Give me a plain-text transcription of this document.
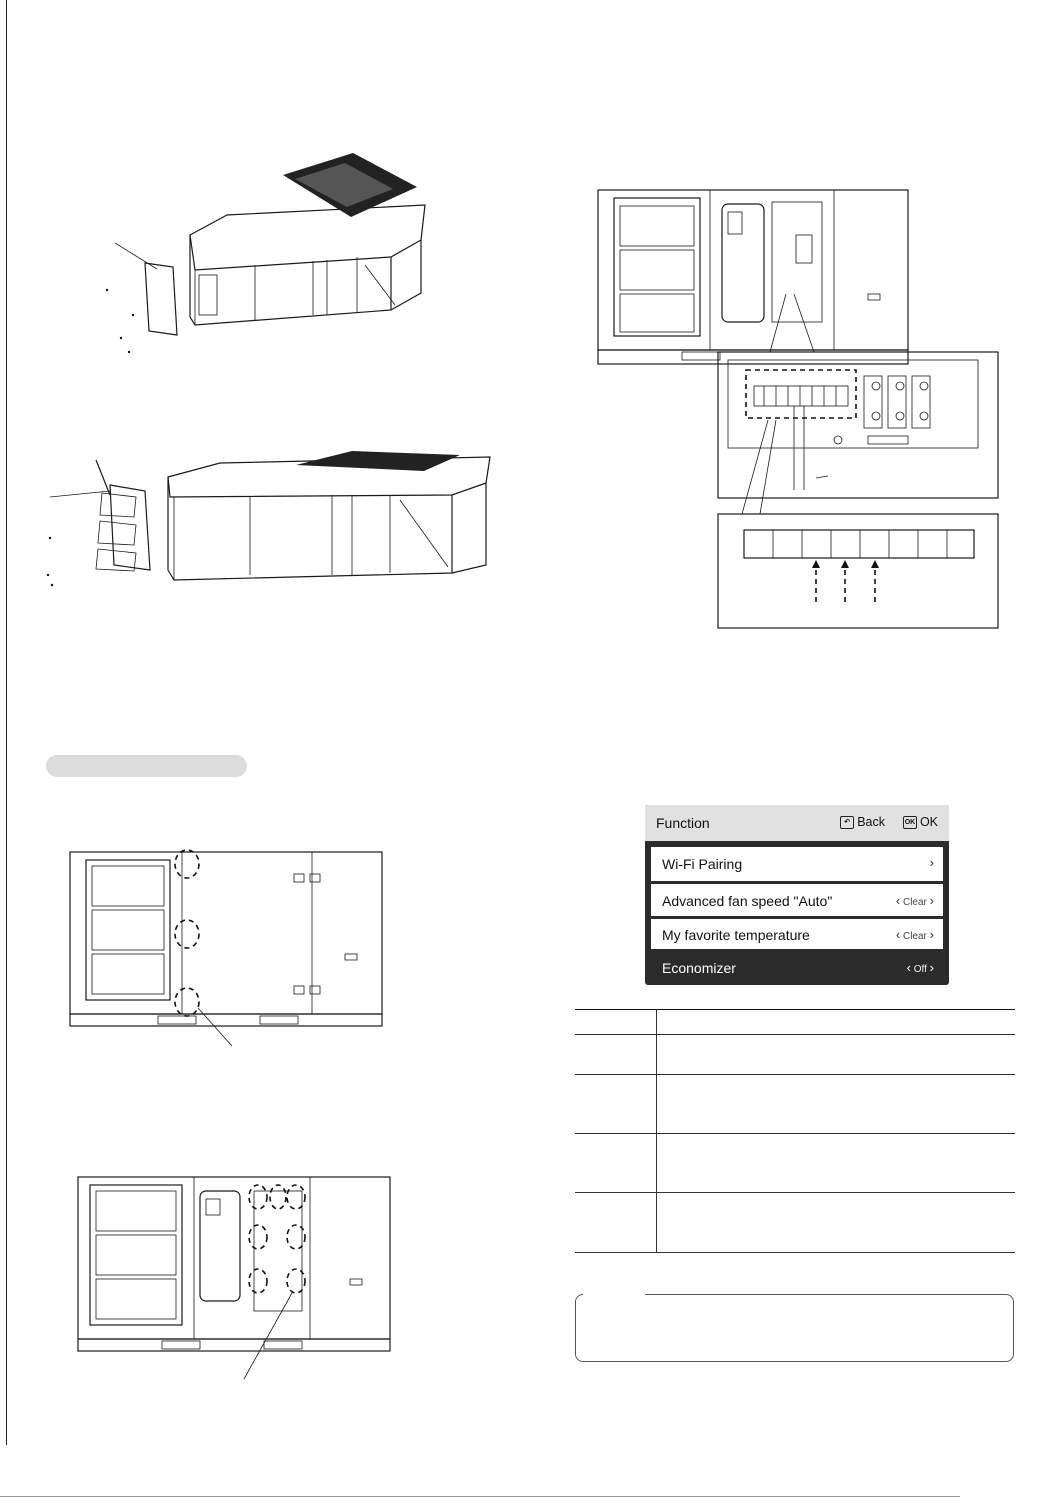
Function	↶ Back	OK OK
Wi-Fi Pairing	›
Advanced fan speed "Auto"	‹ Clear ›
My favorite temperature	‹ Clear ›
Economizer	‹ Off ›
